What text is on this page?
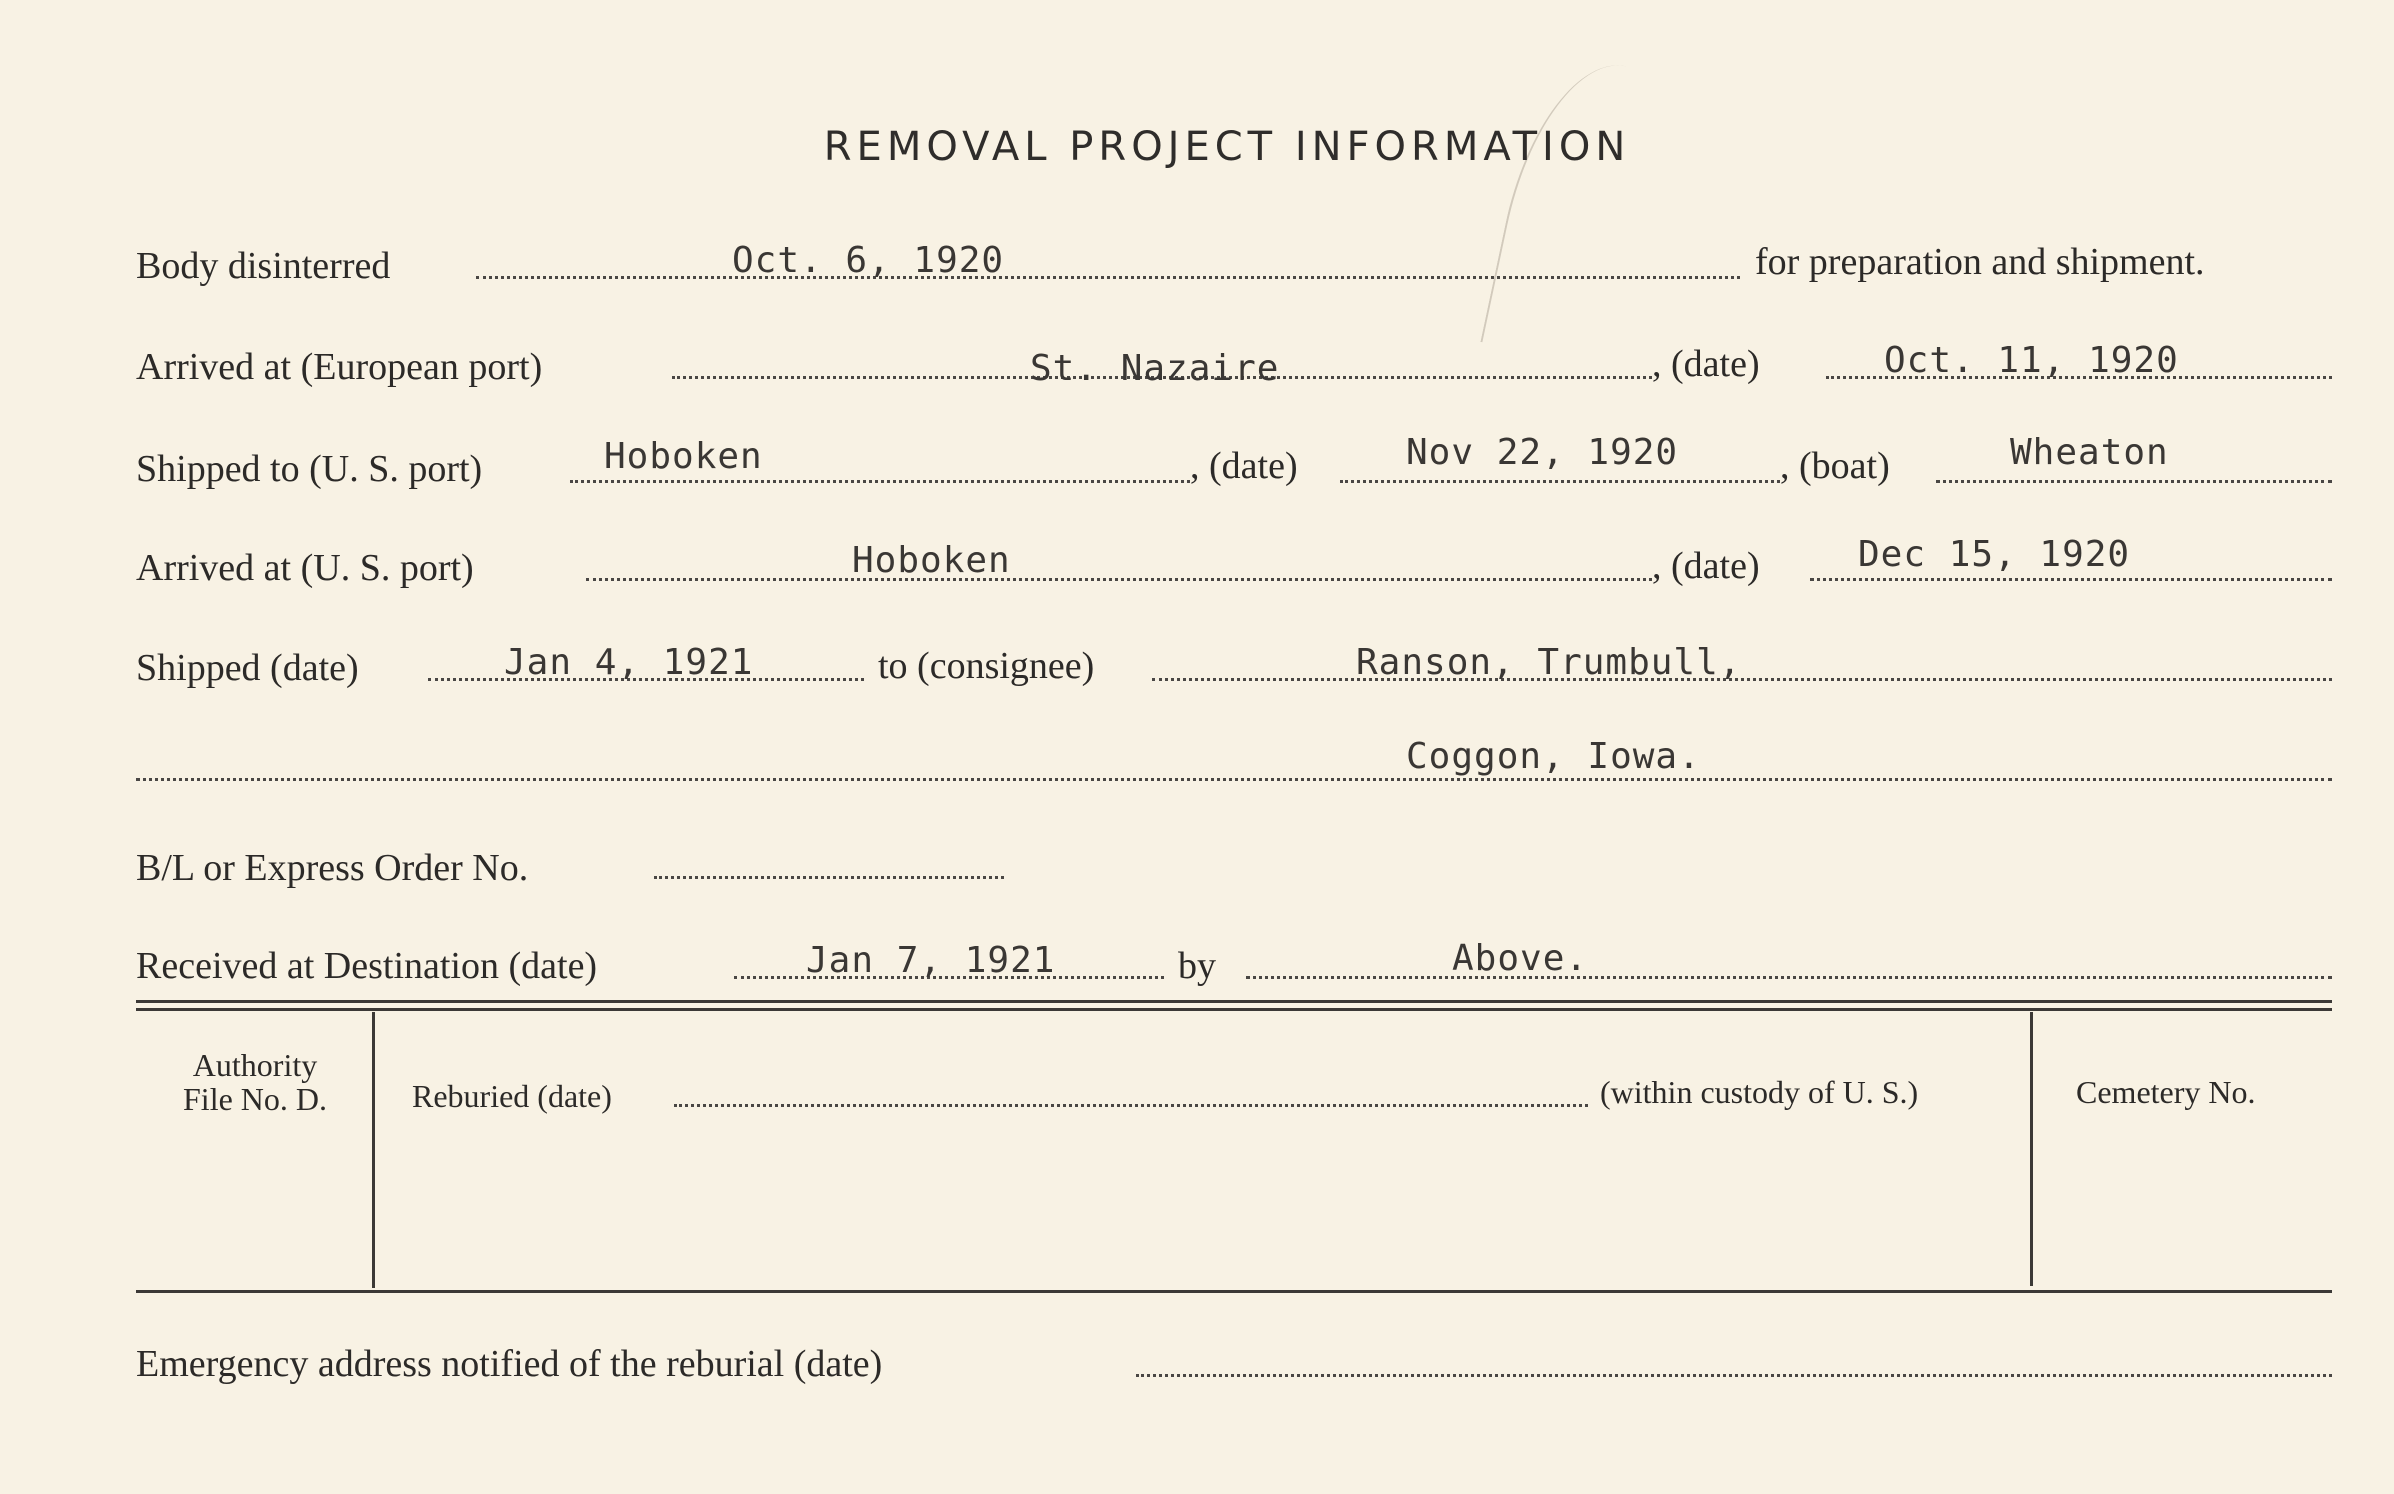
REMOVAL PROJECT INFORMATION
Body disinterred	Oct. 6, 1920	for preparation and shipment.
Arrived at (European port)	St. Nazaire	, (date)	Oct. 11, 1920
Shipped to (U. S. port)	Hoboken	, (date)	Nov 22, 1920	, (boat)	Wheaton
Arrived at (U. S. port)	Hoboken	, (date)	Dec 15, 1920
Shipped (date)	Jan 4, 1921	to (consignee)	Ranson, Trumbull,
Coggon, Iowa.
B/L or Express Order No.
Received at Destination (date)	Jan 7, 1921	by	Above.
Authority
File No. D.	Reburied (date)	(within custody of U. S.)	Cemetery No.
Emergency address notified of the reburial (date)
